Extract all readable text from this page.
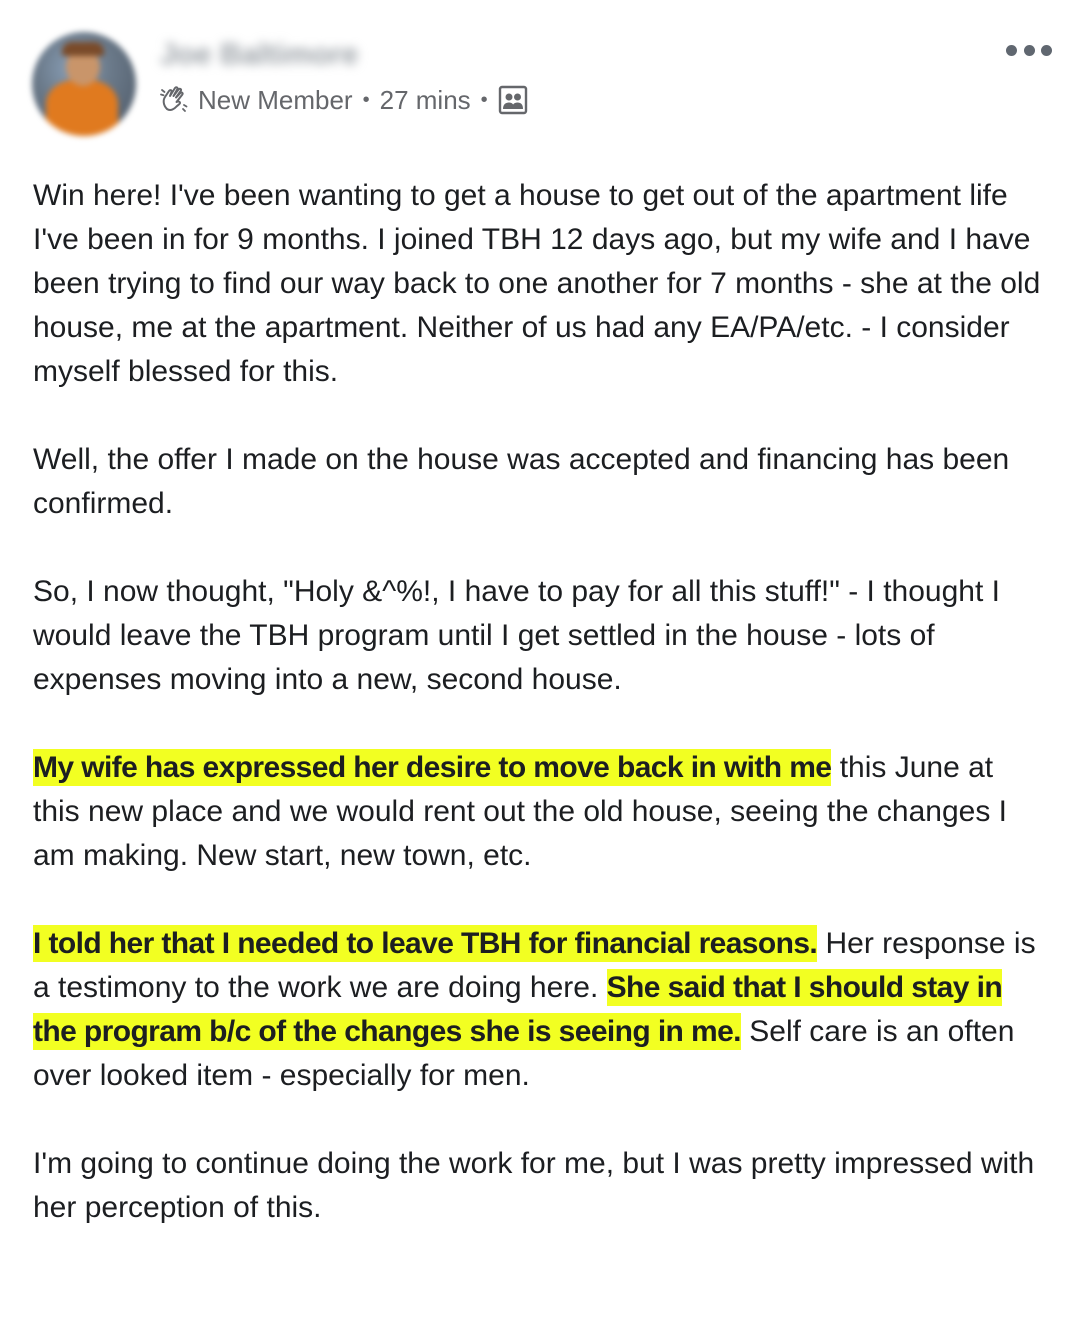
Joe Baltimore
New Member • 27 mins •

Win here! I've been wanting to get a house to get out of the apartment life I've been in for 9 months. I joined TBH 12 days ago, but my wife and I have been trying to find our way back to one another for 7 months - she at the old house, me at the apartment. Neither of us had any EA/PA/etc. - I consider myself blessed for this.

Well, the offer I made on the house was accepted and financing has been confirmed.

So, I now thought, "Holy &^%!, I have to pay for all this stuff!" - I thought I would leave the TBH program until I get settled in the house - lots of expenses moving into a new, second house.

My wife has expressed her desire to move back in with me this June at this new place and we would rent out the old house, seeing the changes I am making. New start, new town, etc.

I told her that I needed to leave TBH for financial reasons. Her response is a testimony to the work we are doing here. She said that I should stay in the program b/c of the changes she is seeing in me. Self care is an often over looked item - especially for men.

I'm going to continue doing the work for me, but I was pretty impressed with her perception of this.
